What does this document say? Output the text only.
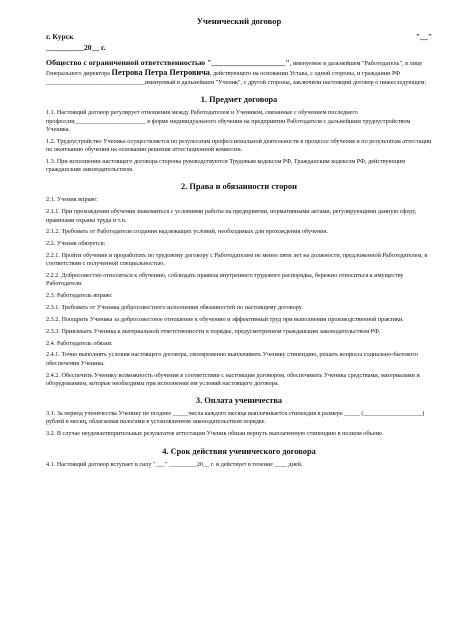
Ученический договор
г. Курск	"__"
__________20__ г.

Общество с ограниченной ответственностью "___________________", именуемое в дальнейшем "Работодатель", в лице Генерального директора Петрова Петра Петровича, действующего на основании Устава, с одной стороны, и гражданин РФ ________________________________именуемый в дальнейшем "Ученик", с другой стороны, заключили настоящий договор о нижеследующем:

1. Предмет договора

1.1. Настоящий договор регулирует отношения между Работодателем и Учеником, связанные с обучением последнего профессии_______________________ в форме индивидуального обучения на предприятии Работодателя с дальнейшим трудоустройством Ученика.

1.2. Трудоустройство Ученика осуществляется по результатам профессиональной деятельности в процессе обучения и по результатам аттестации по окончанию обучения на основании решения аттестационной комиссии.

1.3. При исполнении настоящего договора стороны руководствуются Трудовым кодексом РФ, Гражданским кодексом РФ, действующим гражданским законодательством.

2. Права и обязанности сторон

2.1. Ученик вправе:

2.1.1. При прохождении обучения знакомиться с условиями работы на предприятии, нормативными актами, регулирующими данную сферу, правилами охраны труда и т.п.

2.1.2. Требовать от Работодателя создания надлежащих условий, необходимых для прохождения обучения.

2.2. Ученик обязуется:

2.2.1. Пройти обучение и проработать по трудовому договору с Работодателем не менее пяти лет на должности, предложенной Работодателем, в соответствии с полученной специальностью.

2.2.2. Добросовестно относиться к обучению, соблюдать правила внутреннего трудового распорядка, бережно относиться к имуществу Работодателя.

2.3. Работодатель вправе:

2.3.1. Требовать от Ученика добросовестного исполнения обязанностей по настоящему договору.

2.3.2. Поощрять Ученика за добросовестное отношение к обучению и эффективный труд при выполнении производственной практики.

2.3.3. Привлекать Ученика к материальной ответственности в порядке, предусмотренном гражданским законодательством РФ.

2.4. Работодатель обязан:

2.4.1. Точно выполнять условия настоящего договора, своевременно выплачивать Ученику стипендию, решать вопросы социально-бытового обеспечения Ученика.

2.4.2. Обеспечить Ученику возможность обучения в соответствии с настоящим договором, обеспечивать Ученика средствами, материалами и оборудованием, которые необходимы при исполнении им условий настоящего договора.

3. Оплата ученичества

3.1. За период ученичества Ученику не позднее _____числа каждого месяца выплачивается стипендия в размере _____ (___________________) рублей в месяц, облагаемая налогами в установленном законодательством порядке.

3.2. В случае неудовлетворительных результатов аттестации Ученик обязан вернуть выплаченную стипендию в полном объеме.

4. Срок действия ученического договора

4.1. Настоящий договор вступает в силу "___" _________20__ г. и действует в течение ____ дней.
